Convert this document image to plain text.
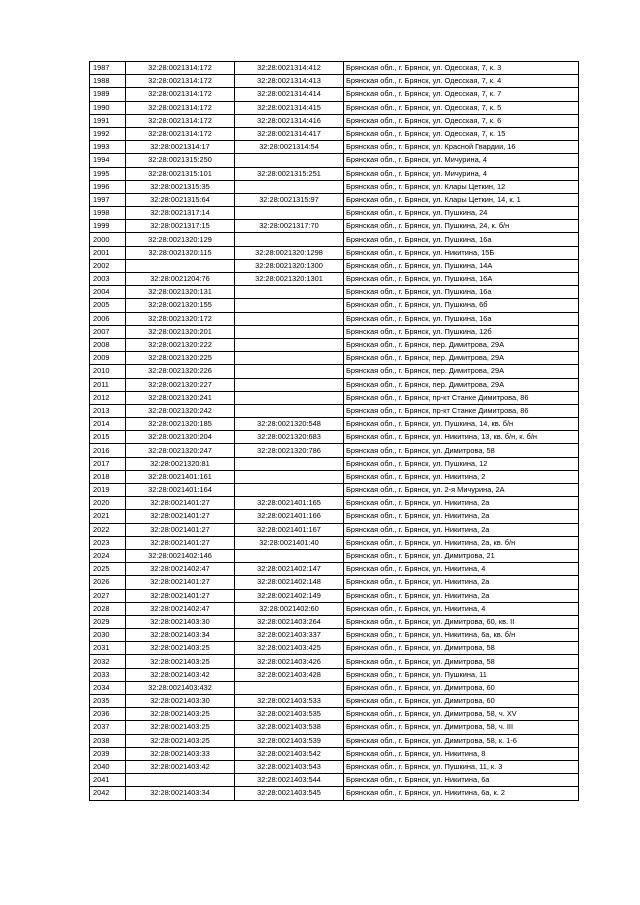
1987	32:28:0021314:172	32:28:0021314:412	Брянская обл., г. Брянск, ул. Одесская, 7, к. 3
1988	32:28:0021314:172	32:28:0021314:413	Брянская обл., г. Брянск, ул. Одесская, 7, к. 4
1989	32:28:0021314:172	32:28:0021314:414	Брянская обл., г. Брянск, ул. Одесская, 7, к. 7
1990	32:28:0021314:172	32:28:0021314:415	Брянская обл., г. Брянск, ул. Одесская, 7, к. 5
1991	32:28:0021314:172	32:28:0021314:416	Брянская обл., г. Брянск, ул. Одесская, 7, к. 6
1992	32:28:0021314:172	32:28:0021314:417	Брянская обл., г. Брянск, ул. Одесская, 7, к. 15
1993	32:28:0021314:17	32:28:0021314:54	Брянская обл., г. Брянск, ул. Красной Гвардии, 16
1994	32:28:0021315:250		Брянская обл., г. Брянск, ул. Мичурина, 4
1995	32:28:0021315:101	32:28:0021315:251	Брянская обл., г. Брянск, ул. Мичурина, 4
1996	32:28:0021315:35		Брянская обл., г. Брянск, ул. Клары Цеткин, 12
1997	32:28:0021315:64	32:28:0021315:97	Брянская обл., г. Брянск, ул. Клары Цеткин, 14, к. 1
1998	32:28:0021317:14		Брянская обл., г. Брянск, ул. Пушкина, 24
1999	32:28:0021317:15	32:28:0021317:70	Брянская обл., г. Брянск, ул. Пушкина, 24, к. б/н
2000	32:28:0021320:129		Брянская обл., г. Брянск, ул. Пушкина, 16а
2001	32:28:0021320:115	32:28:0021320:1298	Брянская обл., г. Брянск, ул. Никитина, 15Б
2002		32:28:0021320:1300	Брянская обл., г. Брянск, ул. Пушкина, 14А
2003	32:28:0021204:76	32:28:0021320:1301	Брянская обл., г. Брянск, ул. Пушкина, 16А
2004	32:28:0021320:131		Брянская обл., г. Брянск, ул. Пушкина, 16а
2005	32:28:0021320:155		Брянская обл., г. Брянск, ул. Пушкина, 6б
2006	32:28:0021320:172		Брянская обл., г. Брянск, ул. Пушкина, 16а
2007	32:28:0021320:201		Брянская обл., г. Брянск, ул. Пушкина, 12б
2008	32:28:0021320:222		Брянская обл., г. Брянск, пер. Димитрова, 29А
2009	32:28:0021320:225		Брянская обл., г. Брянск, пер. Димитрова, 29А
2010	32:28:0021320:226		Брянская обл., г. Брянск, пер. Димитрова, 29А
2011	32:28:0021320:227		Брянская обл., г. Брянск, пер. Димитрова, 29А
2012	32:28:0021320:241		Брянская обл., г. Брянск, пр-кт Станке Димитрова, 86
2013	32:28:0021320:242		Брянская обл., г. Брянск, пр-кт Станке Димитрова, 86
2014	32:28:0021320:185	32:28:0021320:548	Брянская обл., г. Брянск, ул. Пушкина, 14, кв. б/н
2015	32:28:0021320:204	32:28:0021320:683	Брянская обл., г. Брянск, ул. Никитина, 13, кв. б/н, к. б/н
2016	32:28:0021320:247	32:28:0021320:786	Брянская обл., г. Брянск, ул. Димитрова, 58
2017	32:28:0021320:81		Брянская обл., г. Брянск, ул. Пушкина, 12
2018	32:28:0021401:161		Брянская обл., г. Брянск, ул. Никитина, 2
2019	32:28:0021401:164		Брянская обл., г. Брянск, ул. 2-я Мичурина, 2А
2020	32:28:0021401:27	32:28:0021401:165	Брянская обл., г. Брянск, ул. Никитина, 2а
2021	32:28:0021401:27	32:28:0021401:166	Брянская обл., г. Брянск, ул. Никитина, 2а
2022	32:28:0021401:27	32:28:0021401:167	Брянская обл., г. Брянск, ул. Никитина, 2а
2023	32:28:0021401:27	32:28:0021401:40	Брянская обл., г. Брянск, ул. Никитина, 2а, кв. б/н
2024	32:28:0021402:146		Брянская обл., г. Брянск, ул. Димитрова, 21
2025	32:28:0021402:47	32:28:0021402:147	Брянская обл., г. Брянск, ул. Никитина, 4
2026	32:28:0021401:27	32:28:0021402:148	Брянская обл., г. Брянск, ул. Никитина, 2а
2027	32:28:0021401:27	32:28:0021402:149	Брянская обл., г. Брянск, ул. Никитина, 2а
2028	32:28:0021402:47	32:28:0021402:60	Брянская обл., г. Брянск, ул. Никитина, 4
2029	32:28:0021403:30	32:28:0021403:264	Брянская обл., г. Брянск, ул. Димитрова, 60, кв. II
2030	32:28:0021403:34	32:28:0021403:337	Брянская обл., г. Брянск, ул. Никитина, 6а, кв. б/н
2031	32:28:0021403:25	32:28:0021403:425	Брянская обл., г. Брянск, ул. Димитрова, 58
2032	32:28:0021403:25	32:28:0021403:426	Брянская обл., г. Брянск, ул. Димитрова, 58
2033	32:28:0021403:42	32:28:0021403:428	Брянская обл., г. Брянск, ул. Пушкина, 11
2034	32:28:0021403:432		Брянская обл., г. Брянск, ул. Димитрова, 60
2035	32:28:0021403:30	32:28:0021403:533	Брянская обл., г. Брянск, ул. Димитрова, 60
2036	32:28:0021403:25	32:28:0021403:535	Брянская обл., г. Брянск, ул. Димитрова, 58, ч. XV
2037	32:28:0021403:25	32:28:0021403:538	Брянская обл., г. Брянск, ул. Димитрова, 58, ч. III
2038	32:28:0021403:25	32:28:0021403:539	Брянская обл., г. Брянск, ул. Димитрова, 58, к. 1-6
2039	32:28:0021403:33	32:28:0021403:542	Брянская обл., г. Брянск, ул. Никитина, 8
2040	32:28:0021403:42	32:28:0021403:543	Брянская обл., г. Брянск, ул. Пушкина, 11, к. 3
2041		32:28:0021403:544	Брянская обл., г. Брянск, ул. Никитина, 6а
2042	32:28:0021403:34	32:28:0021403:545	Брянская обл., г. Брянск, ул. Никитина, 6а, к. 2
